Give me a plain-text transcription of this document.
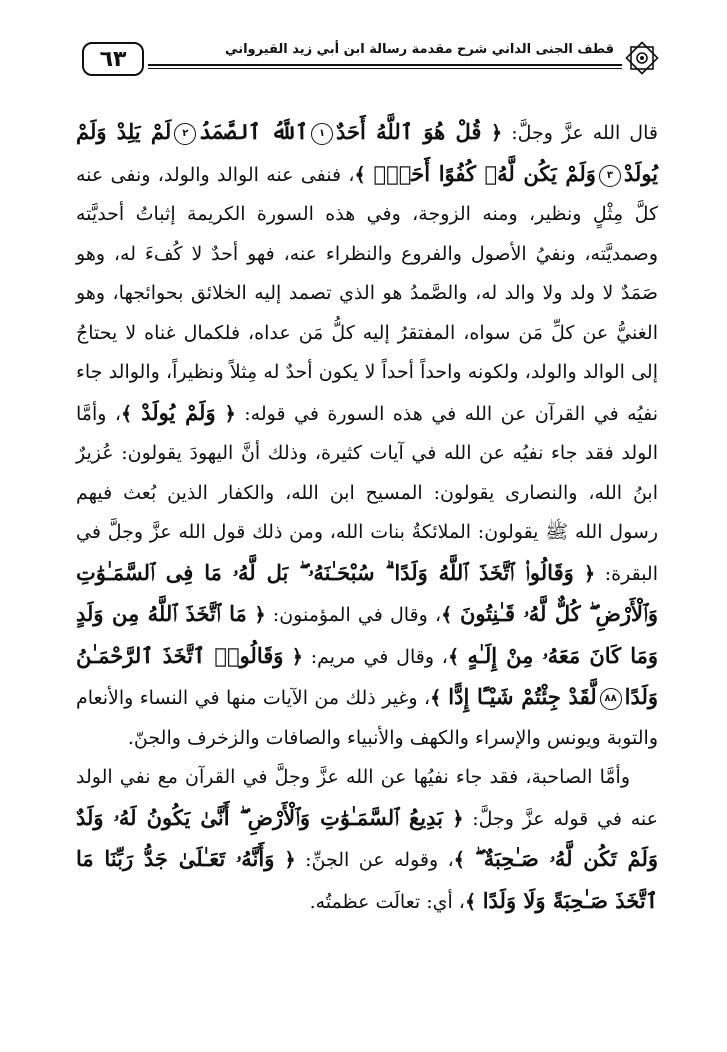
٦٣	قطف الجنى الداني شرح مقدمة رسالة ابن أبي زيد القيرواني

قال الله عزَّ وجلَّ: ﴿ قُلْ هُوَ ٱللَّهُ أَحَدٌ١ٱللَّهُ ٱلصَّمَدُ٢لَمْ يَلِدْ وَلَمْ يُولَدْ٣وَلَمْ يَكُن لَّهُۥ كُفُوًا أَحَدٌۢ ﴾، فنفى عنه الوالد والولد، ونفى عنه كلَّ مِثْلٍ ونظير، ومنه الزوجة، وفي هذه السورة الكريمة إثباتُ أحديَّته وصمديَّته، ونفيُ الأصول والفروع والنظراء عنه، فهو أحدٌ لا كُفءَ له، وهو صَمَدٌ لا ولد ولا والد له، والصَّمدُ هو الذي تصمد إليه الخلائق بحوائجها، وهو الغنيُّ عن كلِّ مَن سواه، المفتقرُ إليه كلُّ مَن عداه، فلكمال غناه لا يحتاجُ إلى الوالد والولد، ولكونه واحداً أحداً لا يكون أحدٌ له مِثلاً ونظيراً، والوالد جاء نفيُه في القرآن عن الله في هذه السورة في قوله: ﴿ وَلَمْ يُولَدْ ﴾، وأمَّا الولد فقد جاء نفيُه عن الله في آيات كثيرة، وذلك أنَّ اليهودَ يقولون: عُزيرٌ ابنُ الله، والنصارى يقولون: المسيح ابن الله، والكفار الذين بُعث فيهم رسول الله ﷺ يقولون: الملائكةُ بنات الله، ومن ذلك قول الله عزَّ وجلَّ في البقرة: ﴿ وَقَالُوا۟ ٱتَّخَذَ ٱللَّهُ وَلَدًا ۗ سُبْحَـٰنَهُۥ ۖ بَل لَّهُۥ مَا فِى ٱلسَّمَـٰوَٰتِ وَٱلْأَرْضِ ۖ كُلٌّ لَّهُۥ قَـٰنِتُونَ ﴾، وقال في المؤمنون: ﴿ مَا ٱتَّخَذَ ٱللَّهُ مِن وَلَدٍ وَمَا كَانَ مَعَهُۥ مِنْ إِلَـٰهٍ ﴾، وقال في مريم: ﴿ وَقَالُوا۟ ٱتَّخَذَ ٱلرَّحْمَـٰنُ وَلَدًا٨٨لَّقَدْ جِئْتُمْ شَيْـًٔا إِدًّا ﴾، وغير ذلك من الآيات منها في النساء والأنعام والتوبة ويونس والإسراء والكهف والأنبياء والصافات والزخرف والجنّ.

وأمَّا الصاحبة، فقد جاء نفيُها عن الله عزَّ وجلَّ في القرآن مع نفي الولد عنه في قوله عزَّ وجلَّ: ﴿ بَدِيعُ ٱلسَّمَـٰوَٰتِ وَٱلْأَرْضِ ۖ أَنَّىٰ يَكُونُ لَهُۥ وَلَدٌ وَلَمْ تَكُن لَّهُۥ صَـٰحِبَةٌ ۖ ﴾، وقوله عن الجنِّ: ﴿ وَأَنَّهُۥ تَعَـٰلَىٰ جَدُّ رَبِّنَا مَا ٱتَّخَذَ صَـٰحِبَةً وَلَا وَلَدًا ﴾، أي: تعالَت عظمتُه.
